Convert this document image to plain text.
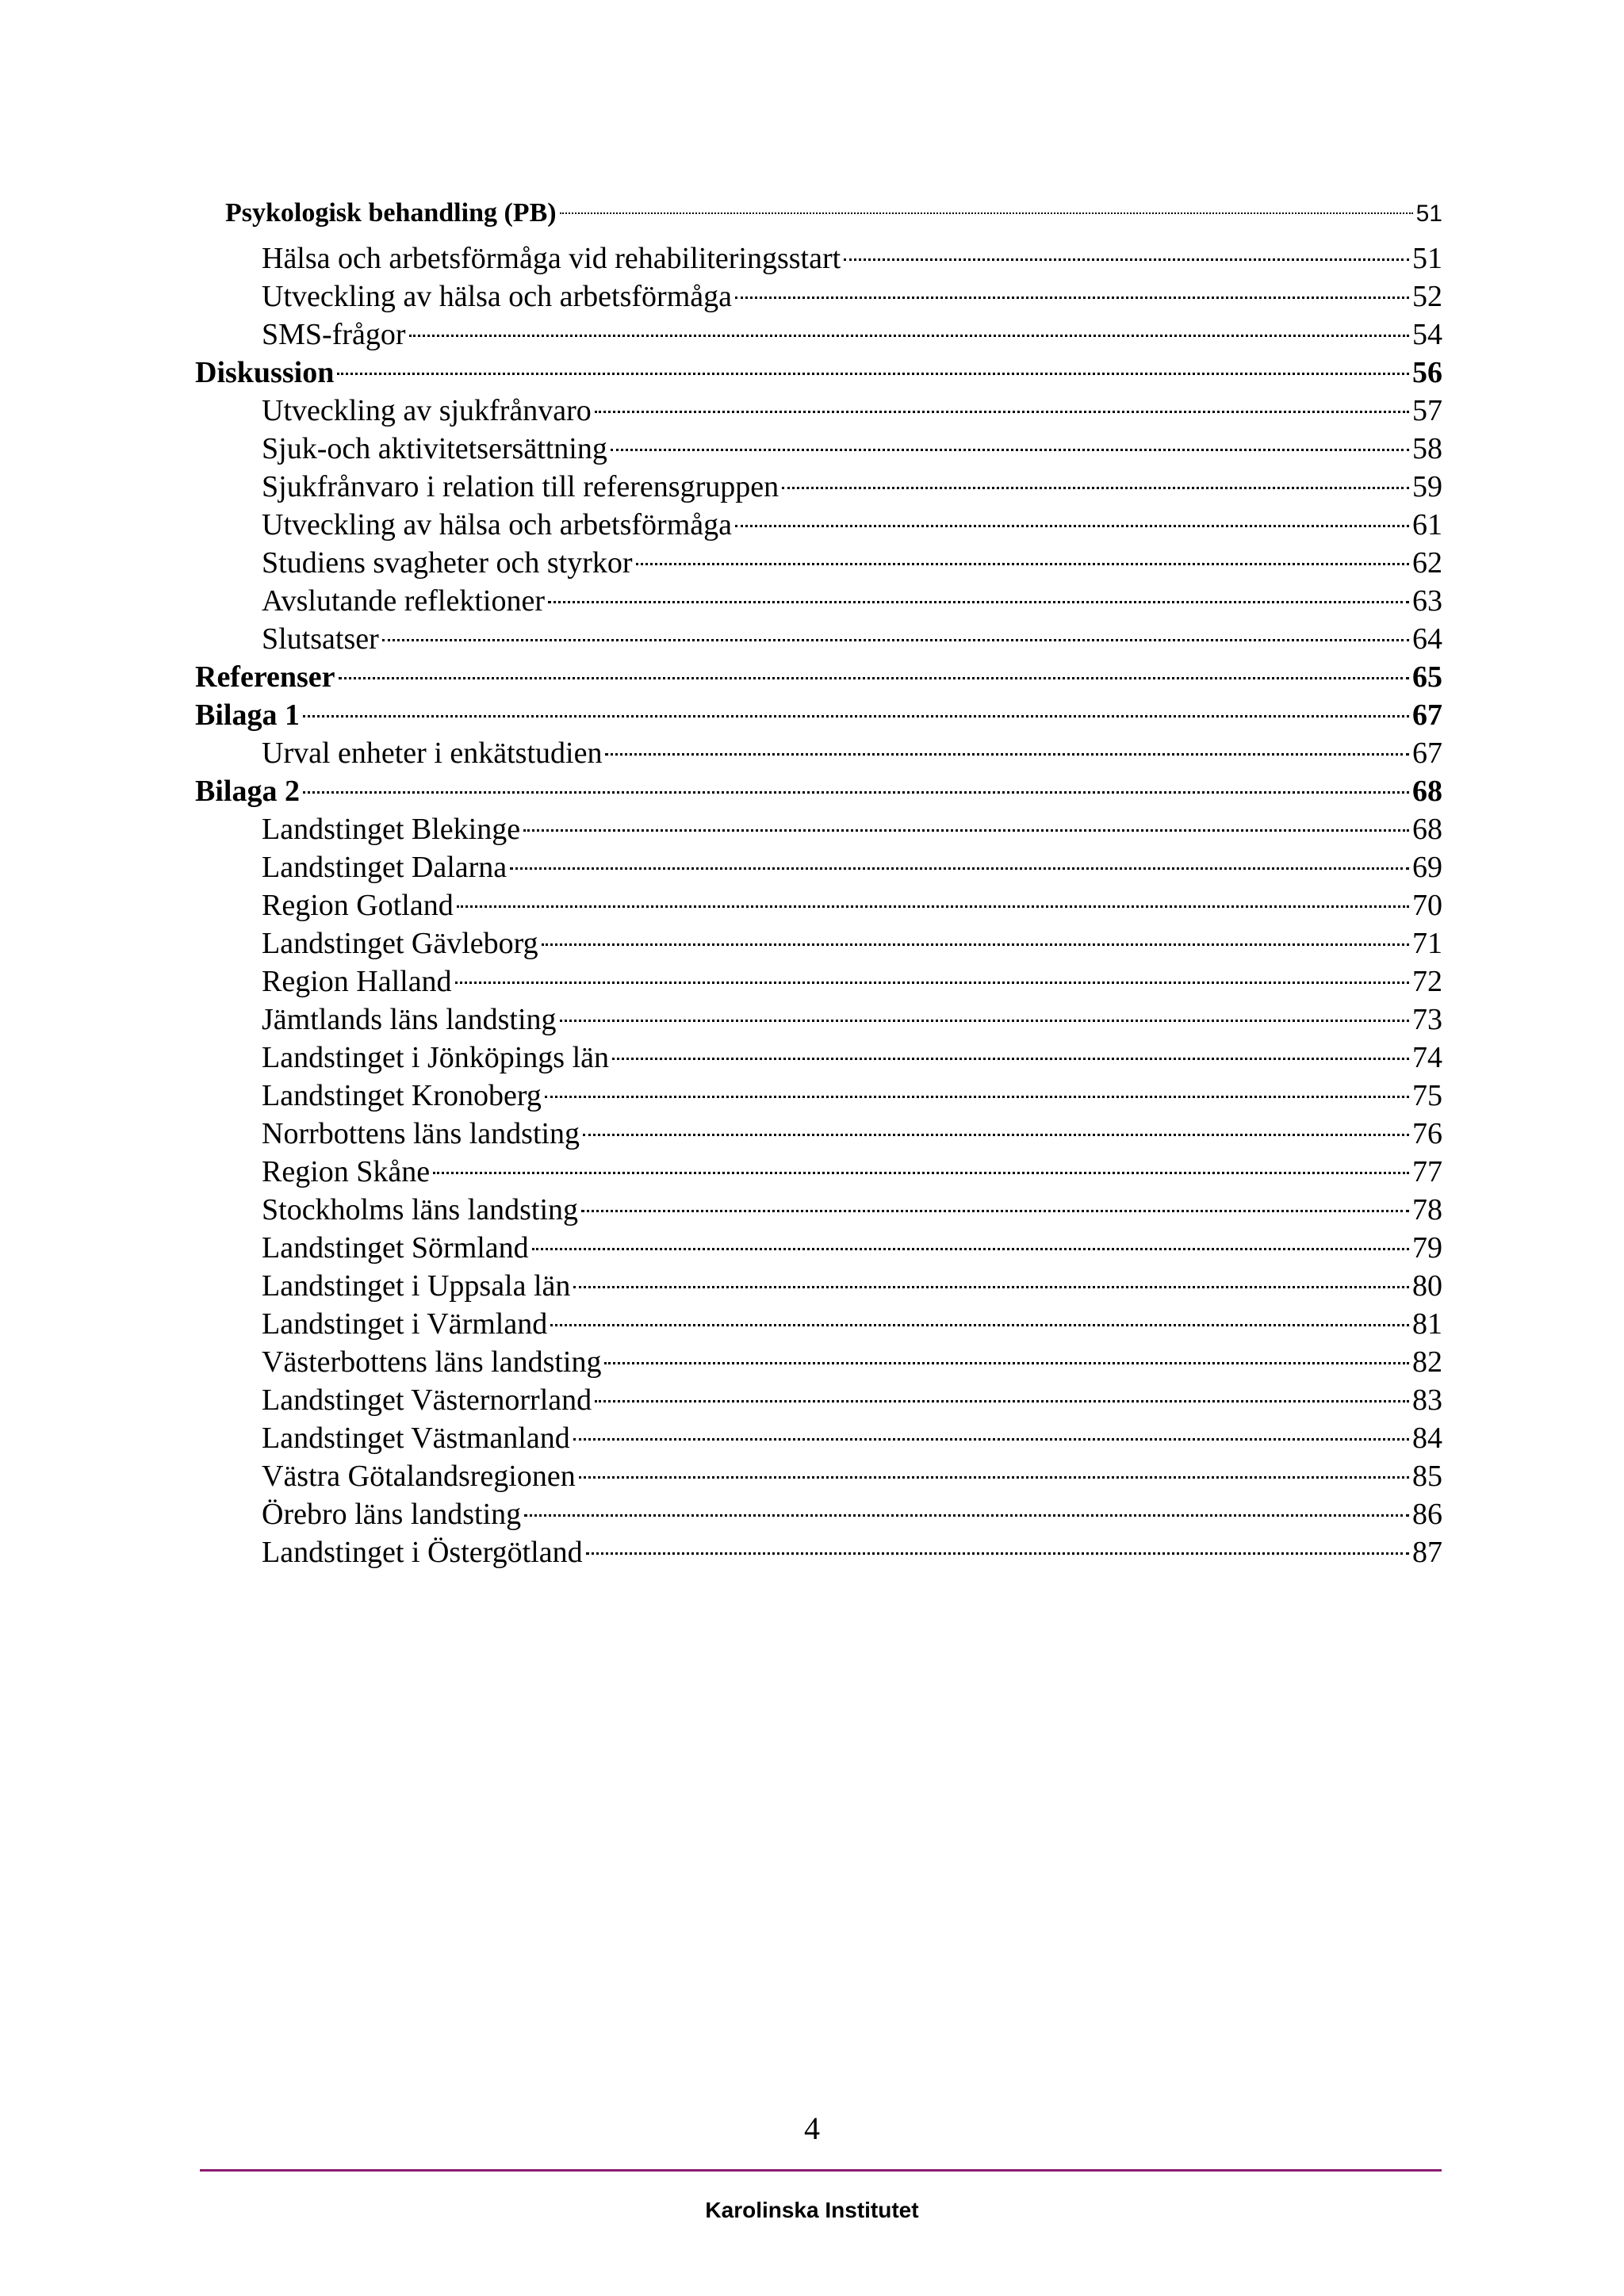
Psykologisk behandling (PB)	51
Hälsa och arbetsförmåga vid rehabiliteringsstart	51
Utveckling av hälsa och arbetsförmåga	52
SMS-frågor	54
Diskussion	56
Utveckling av sjukfrånvaro	57
Sjuk-och aktivitetsersättning	58
Sjukfrånvaro i relation till referensgruppen	59
Utveckling av hälsa och arbetsförmåga	61
Studiens svagheter och styrkor	62
Avslutande reflektioner	63
Slutsatser	64
Referenser	65
Bilaga 1	67
Urval enheter i enkätstudien	67
Bilaga 2	68
Landstinget Blekinge	68
Landstinget Dalarna	69
Region Gotland	70
Landstinget Gävleborg	71
Region Halland	72
Jämtlands läns landsting	73
Landstinget i Jönköpings län	74
Landstinget Kronoberg	75
Norrbottens läns landsting	76
Region Skåne	77
Stockholms läns landsting	78
Landstinget Sörmland	79
Landstinget i Uppsala län	80
Landstinget i Värmland	81
Västerbottens läns landsting	82
Landstinget Västernorrland	83
Landstinget Västmanland	84
Västra Götalandsregionen	85
Örebro läns landsting	86
Landstinget i Östergötland	87
4
Karolinska Institutet
